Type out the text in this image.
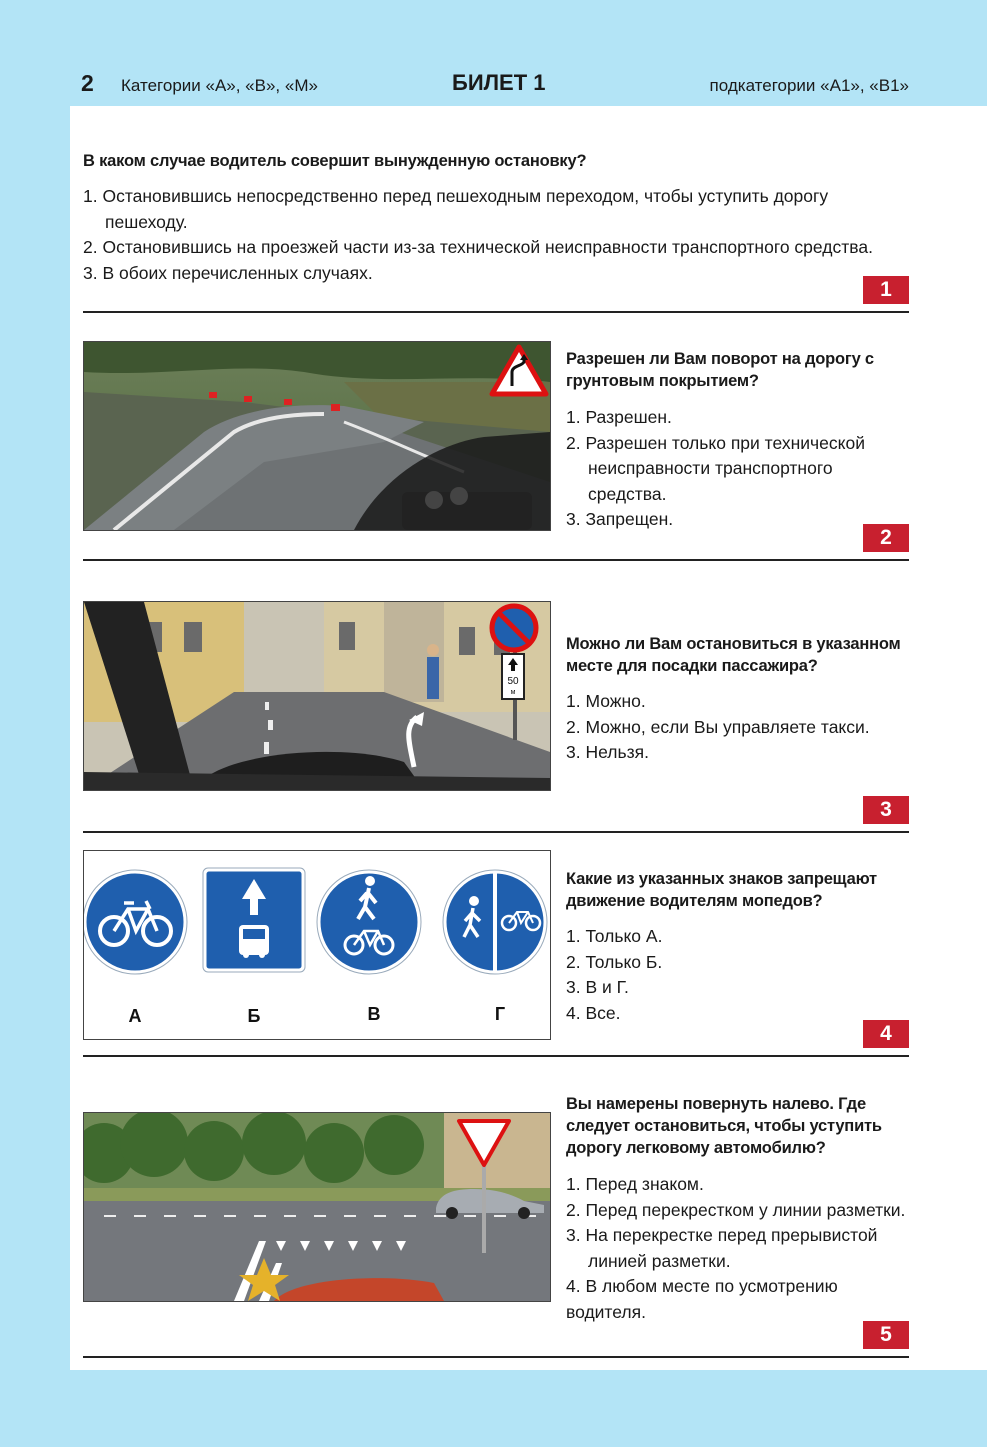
2 Категории «А», «В», «М»	БИЛЕТ 1	подкатегории «А1», «В1»
В каком случае водитель совершит вынужденную остановку?
1. Остановившись непосредственно перед пешеходным переходом, чтобы уступить дорогу пешеходу.
2. Остановившись на проезжей части из-за технической неисправности транспортного средства.
3. В обоих перечисленных случаях.
1
Разрешен ли Вам поворот на дорогу с грунтовым покрытием?
1. Разрешен.
2. Разрешен только при технической неисправности транспортного средства.
3. Запрещен.
2
50
м
Можно ли Вам остановиться в указанном месте для посадки пассажира?
1. Можно.
2. Можно, если Вы управляете такси.
3. Нельзя.
3
А	Б	В	Г
Какие из указанных знаков запрещают движение водителям мопедов?
1. Только А.
2. Только Б.
3. В и Г.
4. Все.
4
Вы намерены повернуть налево. Где следует остановиться, чтобы уступить дорогу легковому автомобилю?
1. Перед знаком.
2. Перед перекрестком у линии разметки.
3. На перекрестке перед прерывистой линией разметки.
4. В любом месте по усмотрению водителя.
5
